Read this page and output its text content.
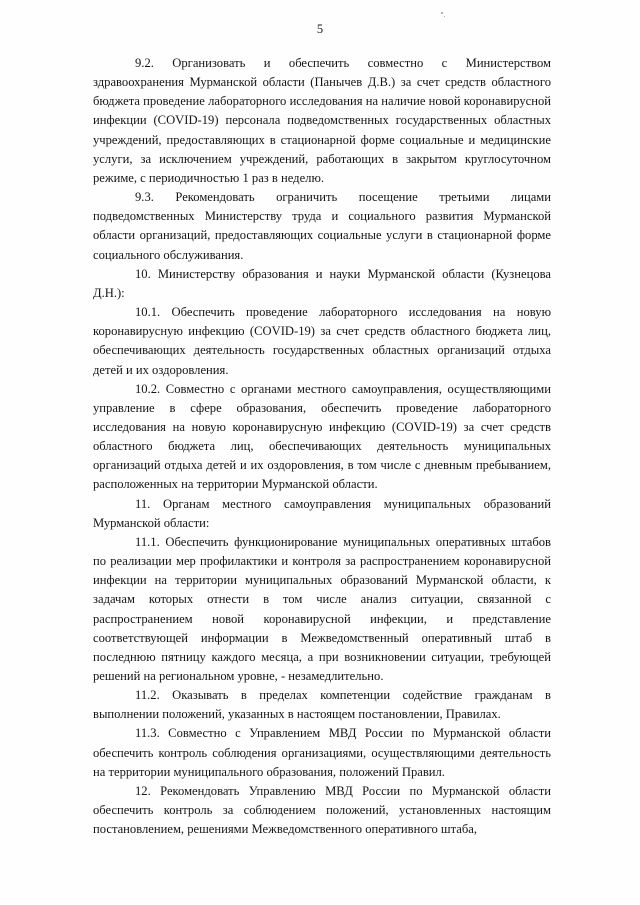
5

9.2. Организовать и обеспечить совместно с Министерством здравоохранения Мурманской области (Панычев Д.В.) за счет средств областного бюджета проведение лабораторного исследования на наличие новой коронавирусной инфекции (COVID-19) персонала подведомственных государственных областных учреждений, предоставляющих в стационарной форме социальные и медицинские услуги, за исключением учреждений, работающих в закрытом круглосуточном режиме, с периодичностью 1 раз в неделю.

9.3. Рекомендовать ограничить посещение третьими лицами подведомственных Министерству труда и социального развития Мурманской области организаций, предоставляющих социальные услуги в стационарной форме социального обслуживания.

10. Министерству образования и науки Мурманской области (Кузнецова Д.Н.):

10.1. Обеспечить проведение лабораторного исследования на новую коронавирусную инфекцию (COVID-19) за счет средств областного бюджета лиц, обеспечивающих деятельность государственных областных организаций отдыха детей и их оздоровления.

10.2. Совместно с органами местного самоуправления, осуществляющими управление в сфере образования, обеспечить проведение лабораторного исследования на новую коронавирусную инфекцию (COVID-19) за счет средств областного бюджета лиц, обеспечивающих деятельность муниципальных организаций отдыха детей и их оздоровления, в том числе с дневным пребыванием, расположенных на территории Мурманской области.

11. Органам местного самоуправления муниципальных образований Мурманской области:

11.1. Обеспечить функционирование муниципальных оперативных штабов по реализации мер профилактики и контроля за распространением коронавирусной инфекции на территории муниципальных образований Мурманской области, к задачам которых отнести в том числе анализ ситуации, связанной с распространением новой коронавирусной инфекции, и представление соответствующей информации в Межведомственный оперативный штаб в последнюю пятницу каждого месяца, а при возникновении ситуации, требующей решений на региональном уровне, - незамедлительно.

11.2. Оказывать в пределах компетенции содействие гражданам в выполнении положений, указанных в настоящем постановлении, Правилах.

11.3. Совместно с Управлением МВД России по Мурманской области обеспечить контроль соблюдения организациями, осуществляющими деятельность на территории муниципального образования, положений Правил.

12. Рекомендовать Управлению МВД России по Мурманской области обеспечить контроль за соблюдением положений, установленных настоящим постановлением, решениями Межведомственного оперативного штаба,
